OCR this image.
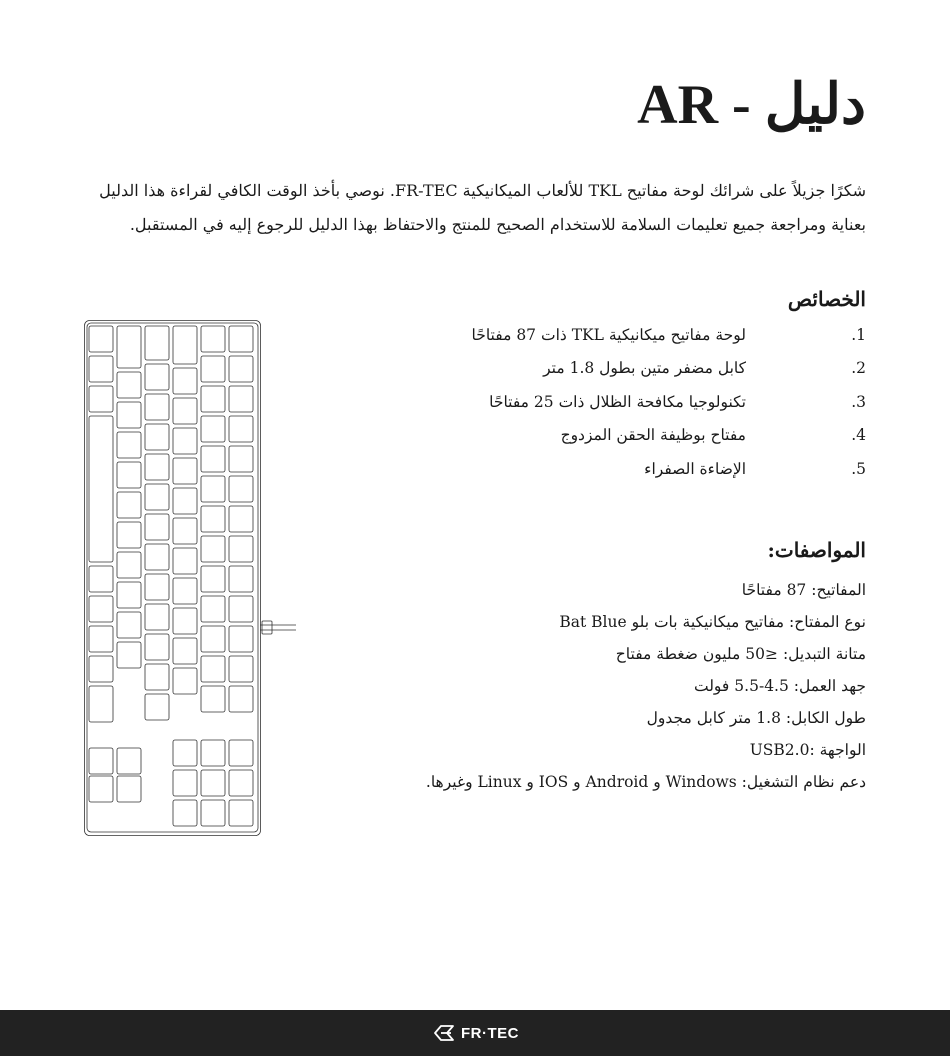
AR - دليل

شكرًا جزيلاً على شرائك لوحة مفاتيح TKL للألعاب الميكانيكية FR-TEC. نوصي بأخذ الوقت الكافي لقراءة هذا الدليل بعناية ومراجعة جميع تعليمات السلامة للاستخدام الصحيح للمنتج والاحتفاظ بهذا الدليل للرجوع إليه في المستقبل.

الخصائص
1.
لوحة مفاتيح ميكانيكية TKL ذات 87 مفتاحًا
2.
كابل مضفر متين بطول 1.8 متر
3.
تكنولوجيا مكافحة الظلال ذات 25 مفتاحًا
4.
مفتاح بوظيفة الحقن المزدوج
5.
الإضاءة الصفراء
المواصفات:
المفاتيح: 87 مفتاحًا
نوع المفتاح: مفاتيح ميكانيكية بات بلو Bat Blue
متانة التبديل: ≤50 مليون ضغطة مفتاح
جهد العمل: 4.5-5.5 فولت
طول الكابل: 1.8 متر كابل مجدول
الواجهة :USB2.0
دعم نظام التشغيل: Windows و Android و IOS و Linux وغيرها.
FR·TEC
